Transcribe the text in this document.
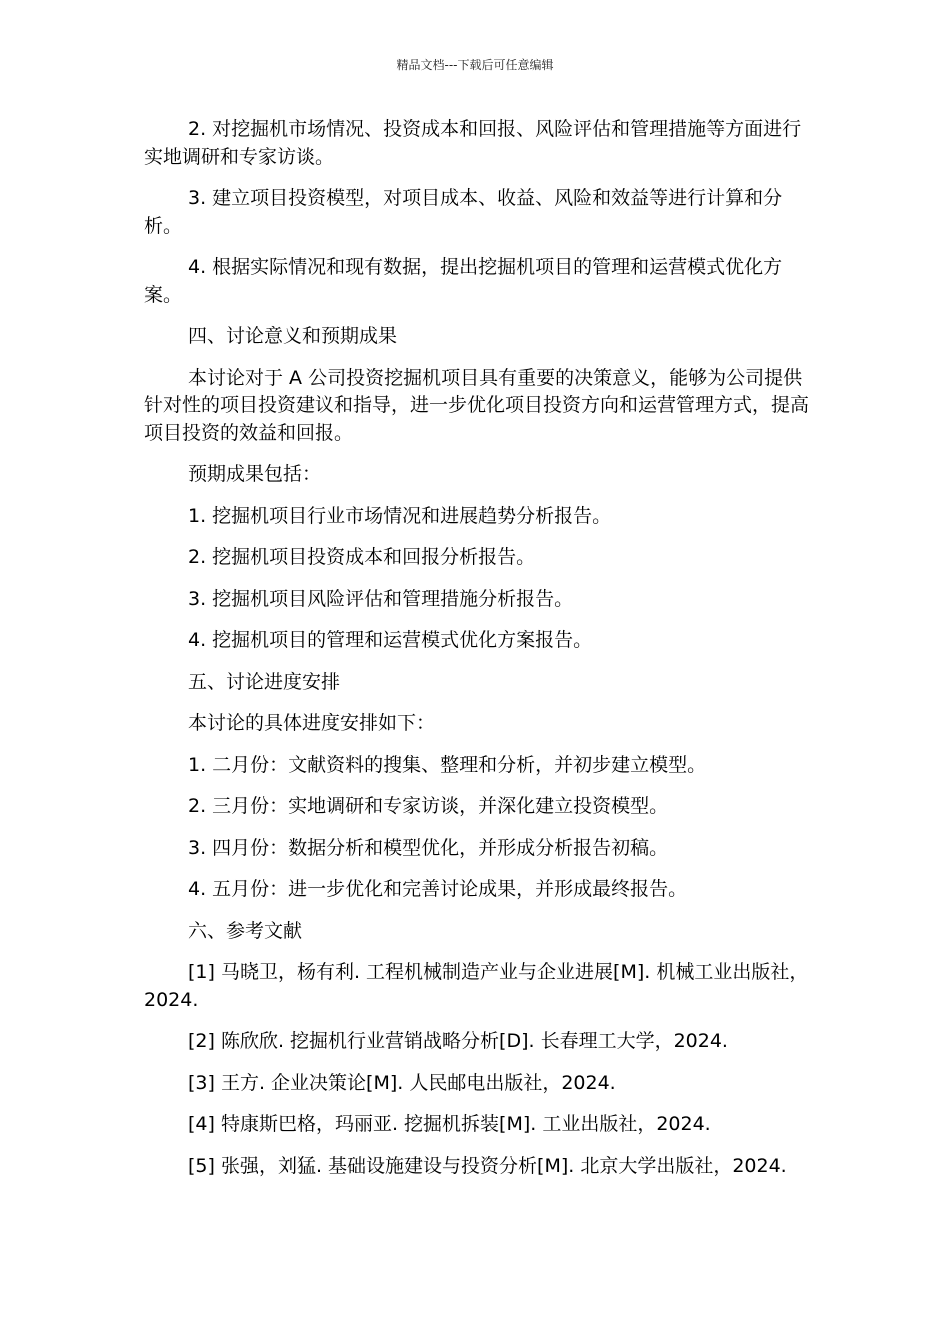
精品文档---下载后可任意编辑

2. 对挖掘机市场情况、投资成本和回报、风险评估和管理措施等方面进行实地调研和专家访谈。

3. 建立项目投资模型，对项目成本、收益、风险和效益等进行计算和分析。

4. 根据实际情况和现有数据，提出挖掘机项目的管理和运营模式优化方案。

四、讨论意义和预期成果

本讨论对于 A 公司投资挖掘机项目具有重要的决策意义，能够为公司提供针对性的项目投资建议和指导，进一步优化项目投资方向和运营管理方式，提高项目投资的效益和回报。

预期成果包括：

1. 挖掘机项目行业市场情况和进展趋势分析报告。

2. 挖掘机项目投资成本和回报分析报告。

3. 挖掘机项目风险评估和管理措施分析报告。

4. 挖掘机项目的管理和运营模式优化方案报告。

五、讨论进度安排

本讨论的具体进度安排如下：

1. 二月份：文献资料的搜集、整理和分析，并初步建立模型。

2. 三月份：实地调研和专家访谈，并深化建立投资模型。

3. 四月份：数据分析和模型优化，并形成分析报告初稿。

4. 五月份：进一步优化和完善讨论成果，并形成最终报告。

六、参考文献

[1] 马晓卫，杨有利. 工程机械制造产业与企业进展[M]. 机械工业出版社，2024.

[2] 陈欣欣. 挖掘机行业营销战略分析[D]. 长春理工大学，2024.

[3] 王方. 企业决策论[M]. 人民邮电出版社，2024.

[4] 特康斯巴格，玛丽亚. 挖掘机拆装[M]. 工业出版社，2024.

[5] 张强，刘猛. 基础设施建设与投资分析[M]. 北京大学出版社，2024.
